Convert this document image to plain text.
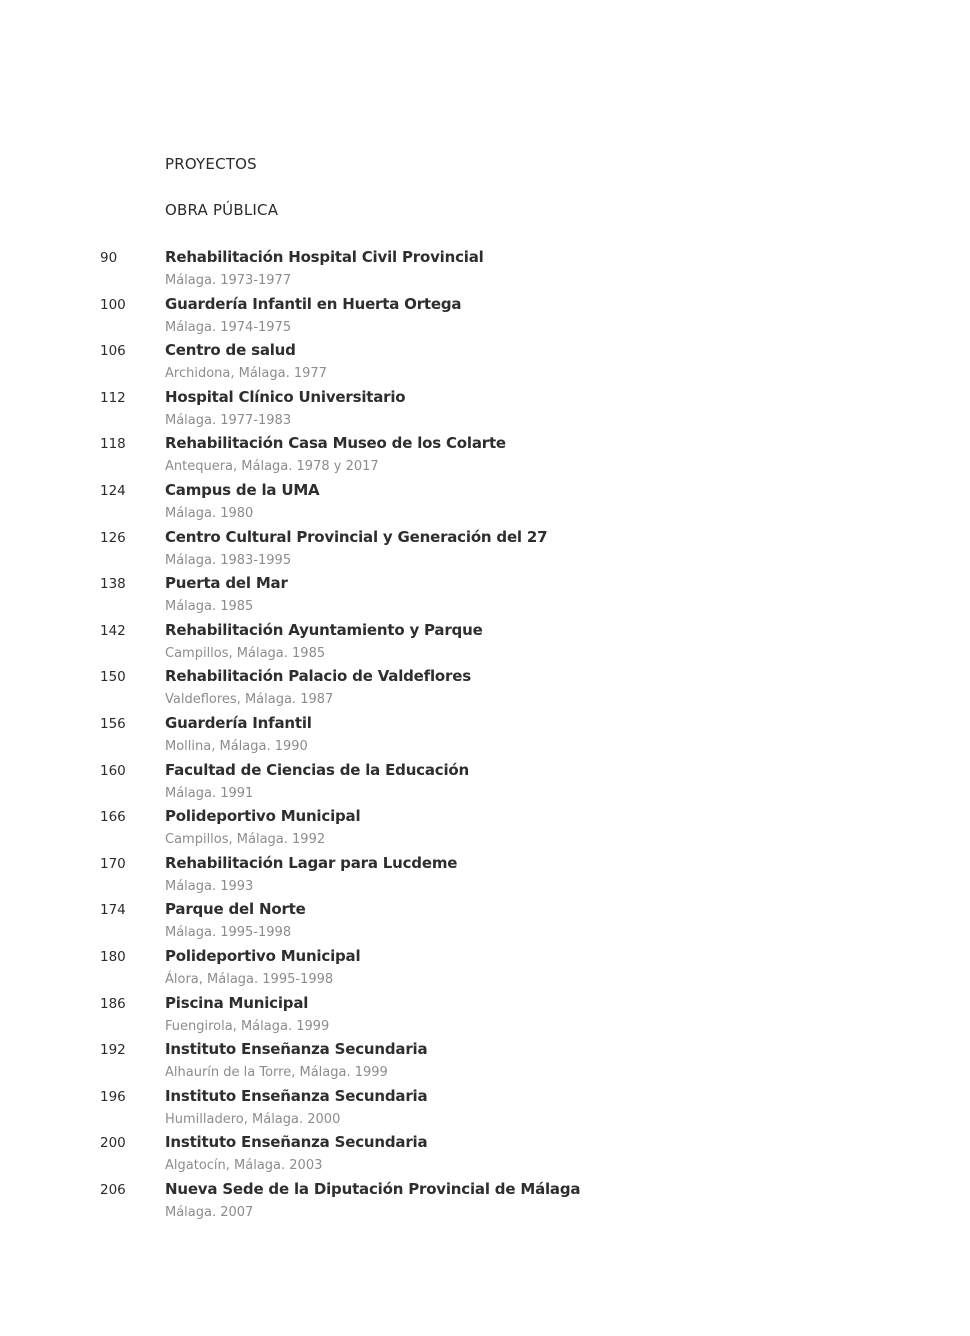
PROYECTOS
OBRA PÚBLICA
90	Rehabilitación Hospital Civil Provincial
Málaga. 1973-1977
100	Guardería Infantil en Huerta Ortega
Málaga. 1974-1975
106	Centro de salud
Archidona, Málaga. 1977
112	Hospital Clínico Universitario
Málaga. 1977-1983
118	Rehabilitación Casa Museo de los Colarte
Antequera, Málaga. 1978 y 2017
124	Campus de la UMA
Málaga. 1980
126	Centro Cultural Provincial y Generación del 27
Málaga. 1983-1995
138	Puerta del Mar
Málaga. 1985
142	Rehabilitación Ayuntamiento y Parque
Campillos, Málaga. 1985
150	Rehabilitación Palacio de Valdeflores
Valdeflores, Málaga. 1987
156	Guardería Infantil
Mollina, Málaga. 1990
160	Facultad de Ciencias de la Educación
Málaga. 1991
166	Polideportivo Municipal
Campillos, Málaga. 1992
170	Rehabilitación Lagar para Lucdeme
Málaga. 1993
174	Parque del Norte
Málaga. 1995-1998
180	Polideportivo Municipal
Álora, Málaga. 1995-1998
186	Piscina Municipal
Fuengirola, Málaga. 1999
192	Instituto Enseñanza Secundaria
Alhaurín de la Torre, Málaga. 1999
196	Instituto Enseñanza Secundaria
Humilladero, Málaga. 2000
200	Instituto Enseñanza Secundaria
Algatocín, Málaga. 2003
206	Nueva Sede de la Diputación Provincial de Málaga
Málaga. 2007
